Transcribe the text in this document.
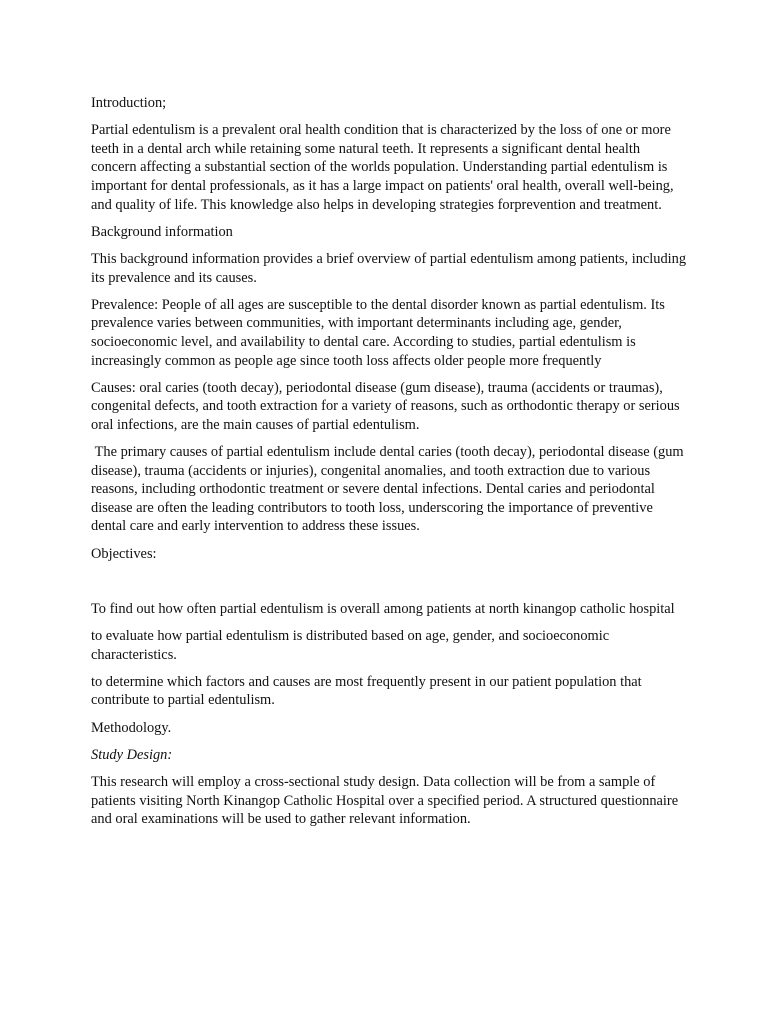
Introduction;

Partial edentulism is a prevalent oral health condition that is characterized by the loss of one or more teeth in a dental arch while retaining some natural teeth. It represents a significant dental health concern affecting a substantial section of the worlds population. Understanding partial edentulism is important for dental professionals, as it has a large impact on patients' oral health, overall well-being, and quality of life. This knowledge also helps in developing strategies forprevention and treatment.

Background information

This background information provides a brief overview of partial edentulism among patients, including its prevalence and its causes.

Prevalence: People of all ages are susceptible to the dental disorder known as partial edentulism. Its prevalence varies between communities, with important determinants including age, gender, socioeconomic level, and availability to dental care. According to studies, partial edentulism is increasingly common as people age since tooth loss affects older people more frequently

Causes: oral caries (tooth decay), periodontal disease (gum disease), trauma (accidents or traumas), congenital defects, and tooth extraction for a variety of reasons, such as orthodontic therapy or serious oral infections, are the main causes of partial edentulism.

The primary causes of partial edentulism include dental caries (tooth decay), periodontal disease (gum disease), trauma (accidents or injuries), congenital anomalies, and tooth extraction due to various reasons, including orthodontic treatment or severe dental infections. Dental caries and periodontal disease are often the leading contributors to tooth loss, underscoring the importance of preventive dental care and early intervention to address these issues.

Objectives:

To find out how often partial edentulism is overall among patients at north kinangop catholic hospital

to evaluate how partial edentulism is distributed based on age, gender, and socioeconomic characteristics.

to determine which factors and causes are most frequently present in our patient population that contribute to partial edentulism.

Methodology.

Study Design:

This research will employ a cross-sectional study design. Data collection will be from a sample of patients visiting North Kinangop Catholic Hospital over a specified period. A structured questionnaire and oral examinations will be used to gather relevant information.
